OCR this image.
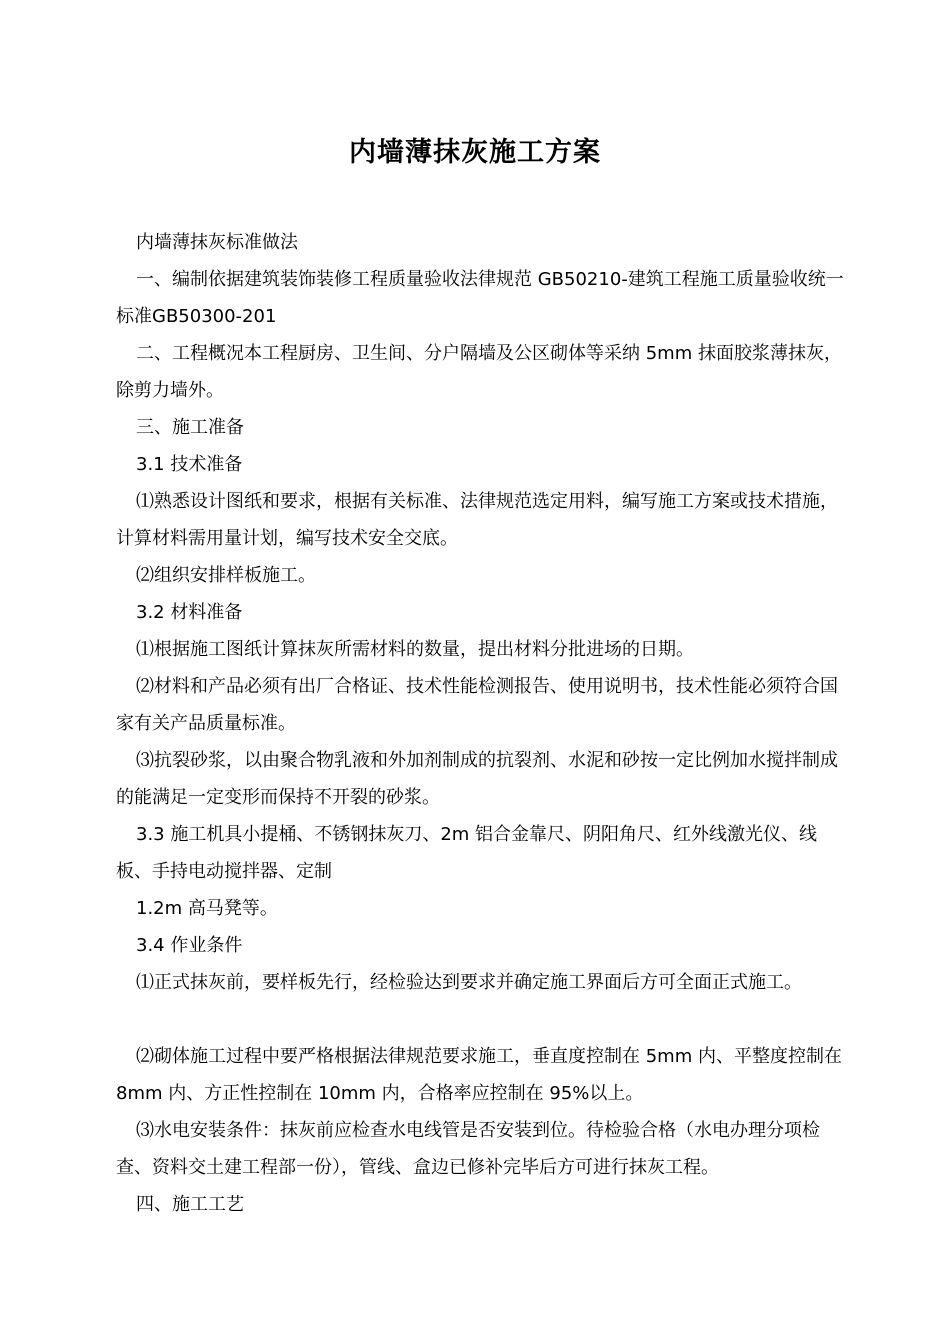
内墙薄抹灰施工方案

内墙薄抹灰标准做法

一、编制依据建筑装饰装修工程质量验收法律规范 GB50210-建筑工程施工质量验收统一标准GB50300-201

二、工程概况本工程厨房、卫生间、分户隔墙及公区砌体等采纳 5mm 抹面胶浆薄抹灰，除剪力墙外。

三、施工准备

3.1 技术准备

⑴熟悉设计图纸和要求，根据有关标准、法律规范选定用料，编写施工方案或技术措施，计算材料需用量计划，编写技术安全交底。

⑵组织安排样板施工。

3.2 材料准备

⑴根据施工图纸计算抹灰所需材料的数量，提出材料分批进场的日期。

⑵材料和产品必须有出厂合格证、技术性能检测报告、使用说明书，技术性能必须符合国家有关产品质量标准。

⑶抗裂砂浆，以由聚合物乳液和外加剂制成的抗裂剂、水泥和砂按一定比例加水搅拌制成的能满足一定变形而保持不开裂的砂浆。

3.3 施工机具小提桶、不锈钢抹灰刀、2m 铝合金靠尺、阴阳角尺、红外线激光仪、线板、手持电动搅拌器、定制

1.2m 高马凳等。

3.4 作业条件

⑴正式抹灰前，要样板先行，经检验达到要求并确定施工界面后方可全面正式施工。

⑵砌体施工过程中要严格根据法律规范要求施工，垂直度控制在 5mm 内、平整度控制在 8mm 内、方正性控制在 10mm 内，合格率应控制在 95%以上。

⑶水电安装条件：抹灰前应检查水电线管是否安装到位。待检验合格（水电办理分项检查、资料交土建工程部一份），管线、盒边已修补完毕后方可进行抹灰工程。

四、施工工艺
